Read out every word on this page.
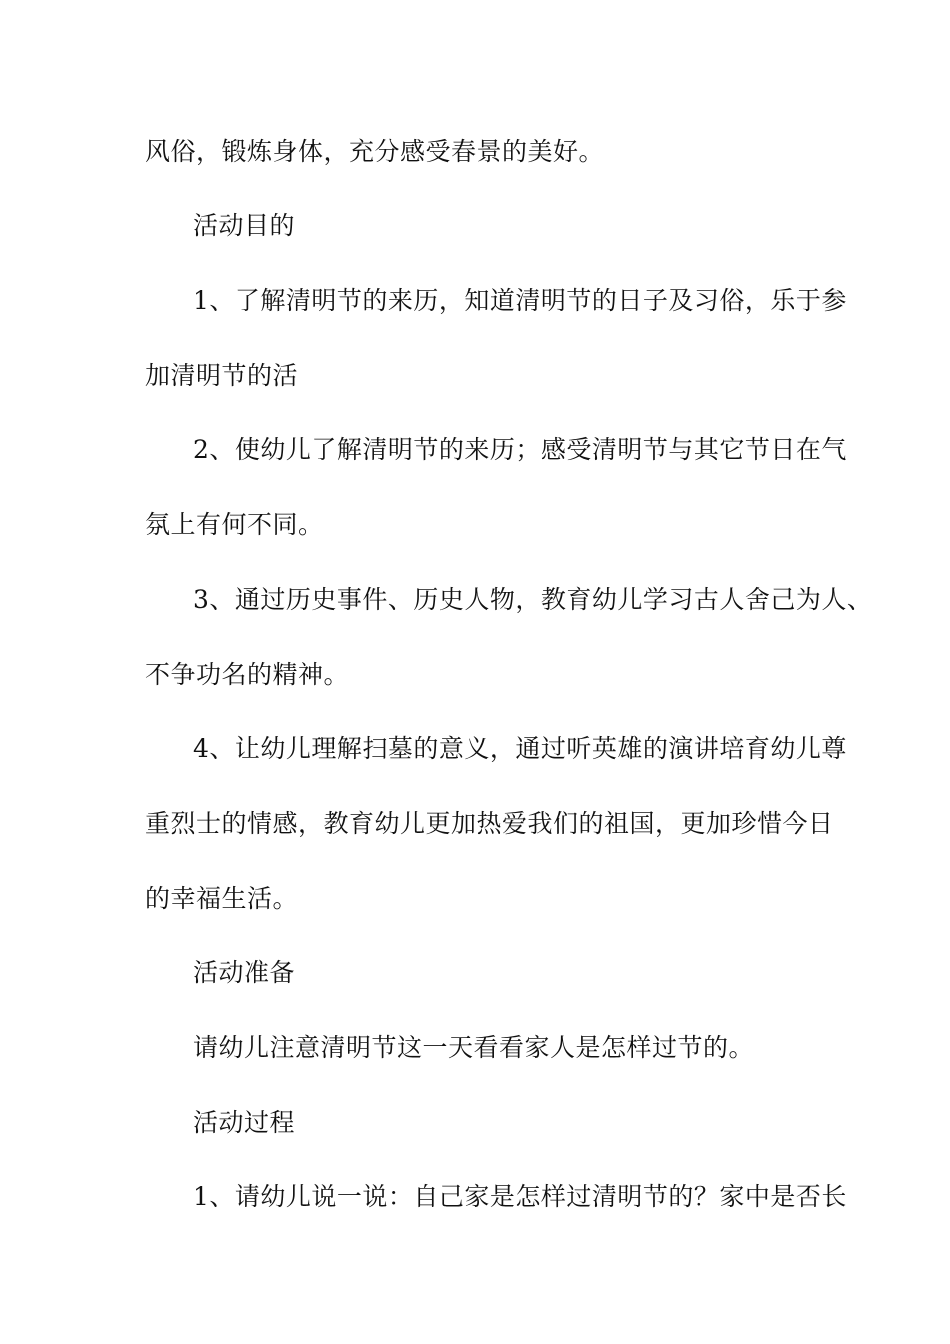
风俗，锻炼身体，充分感受春景的美好。
活动目的
1、了解清明节的来历，知道清明节的日子及习俗，乐于参
加清明节的活
2、使幼儿了解清明节的来历；感受清明节与其它节日在气
氛上有何不同。
3、通过历史事件、历史人物，教育幼儿学习古人舍己为人、
不争功名的精神。
4、让幼儿理解扫墓的意义，通过听英雄的演讲培育幼儿尊
重烈士的情感，教育幼儿更加热爱我们的祖国，更加珍惜今日
的幸福生活。
活动准备
请幼儿注意清明节这一天看看家人是怎样过节的。
活动过程
1、请幼儿说一说：自己家是怎样过清明节的？家中是否长
